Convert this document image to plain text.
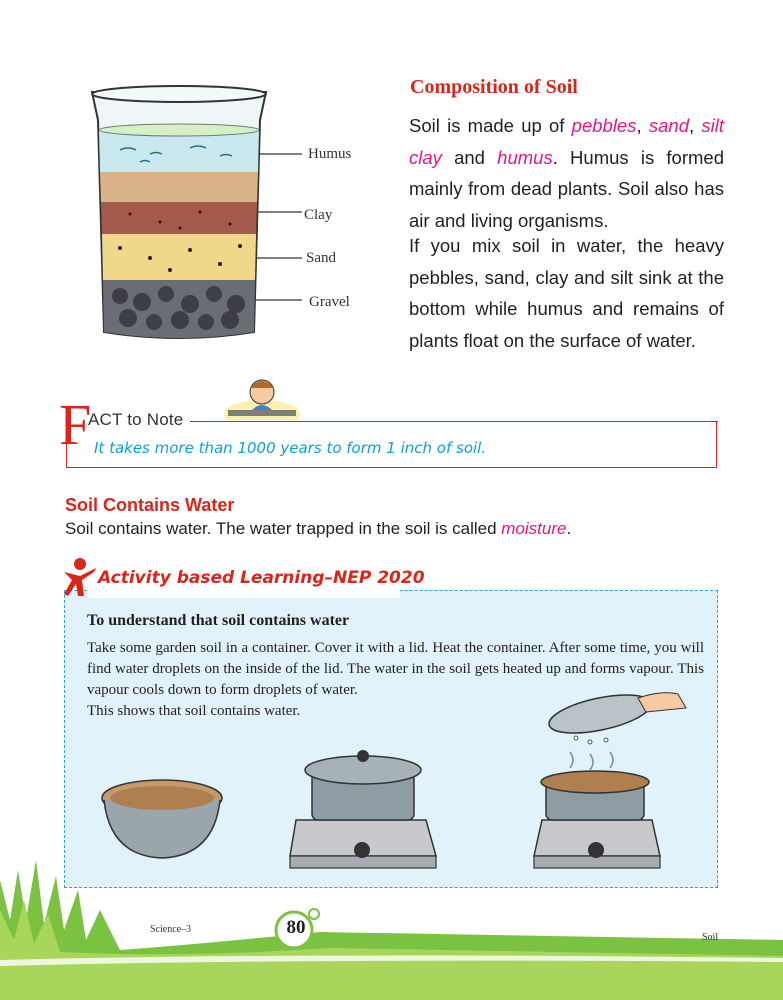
Humus
Clay
Sand
Gravel
Composition of Soil
Soil is made up of pebbles, sand, silt clay and humus. Humus is formed mainly from dead plants. Soil also has air and living organisms.
If you mix soil in water, the heavy pebbles, sand, clay and silt sink at the bottom while humus and remains of plants float on the surface of water.
F
ACT to Note
It takes more than 1000 years to form 1 inch of soil.
Soil Contains Water
Soil contains water. The water trapped in the soil is called moisture.
Activity based Learning–NEP 2020
To understand that soil contains water
Take some garden soil in a container. Cover it with a lid. Heat the container. After some time, you will find water droplets on the inside of the lid. The water in the soil gets heated up and forms vapour. This vapour cools down to form droplets of water.
This shows that soil contains water.
Science–3	80	Soil
